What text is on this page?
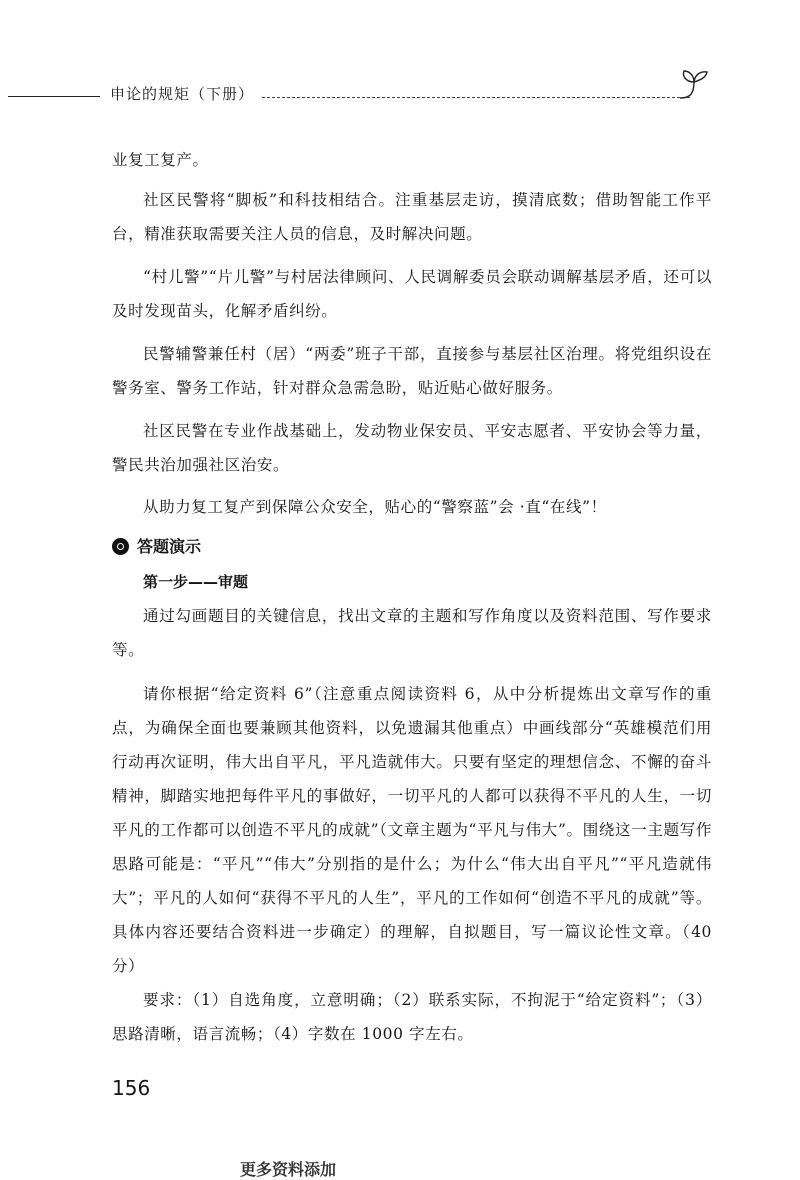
申论的规矩（下册）

业复工复产。

社区民警将“脚板”和科技相结合。注重基层走访，摸清底数；借助智能工作平台，精准获取需要关注人员的信息，及时解决问题。

“村儿警”“片儿警”与村居法律顾问、人民调解委员会联动调解基层矛盾，还可以及时发现苗头，化解矛盾纠纷。

民警辅警兼任村（居）“两委”班子干部，直接参与基层社区治理。将党组织设在警务室、警务工作站，针对群众急需急盼，贴近贴心做好服务。

社区民警在专业作战基础上，发动物业保安员、平安志愿者、平安协会等力量，警民共治加强社区治安。

从助力复工复产到保障公众安全，贴心的“警察蓝”会 ·直“在线”！

答题演示
第一步——审题

通过勾画题目的关键信息，找出文章的主题和写作角度以及资料范围、写作要求等。

请你根据“给定资料 6”（注意重点阅读资料 6，从中分析提炼出文章写作的重点，为确保全面也要兼顾其他资料，以免遗漏其他重点）中画线部分“英雄模范们用行动再次证明，伟大出自平凡，平凡造就伟大。只要有坚定的理想信念、不懈的奋斗精神，脚踏实地把每件平凡的事做好，一切平凡的人都可以获得不平凡的人生，一切平凡的工作都可以创造不平凡的成就”（文章主题为“平凡与伟大”。围绕这一主题写作思路可能是：“平凡”“伟大”分别指的是什么；为什么“伟大出自平凡”“平凡造就伟大”；平凡的人如何“获得不平凡的人生”，平凡的工作如何“创造不平凡的成就”等。具体内容还要结合资料进一步确定）的理解，自拟题目，写一篇议论性文章。（40 分）

要求：（1）自选角度，立意明确；（2）联系实际，不拘泥于“给定资料”；（3）思路清晰，语言流畅；（4）字数在 1000 字左右。

156
更多资料添加
